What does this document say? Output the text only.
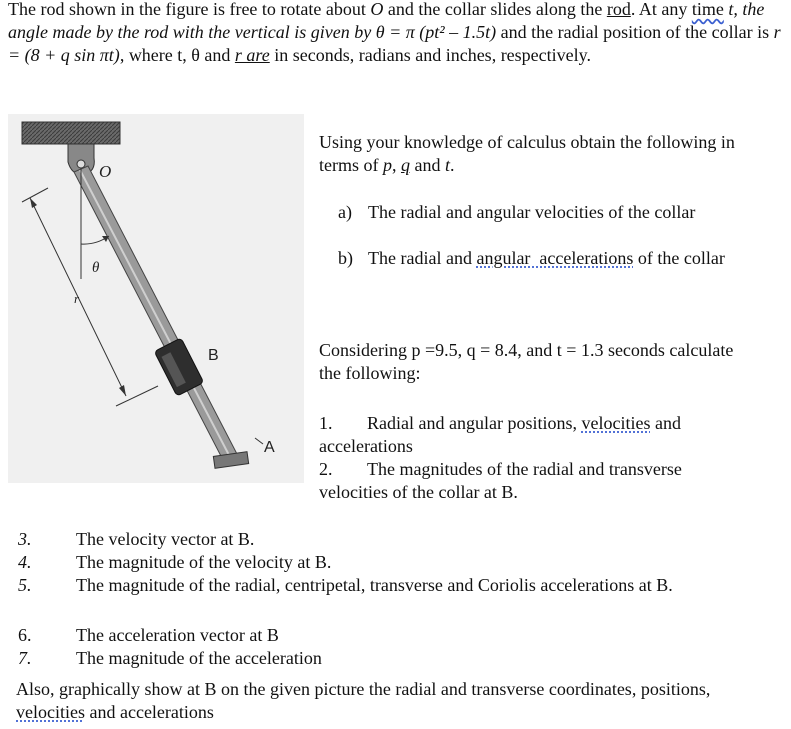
The rod shown in the figure is free to rotate about O and the collar slides along the rod. At any time t, the angle made by the rod with the vertical is given by θ = π (pt² – 1.5t) and the radial position of the collar is r = (8 + q sin πt), where t, θ and r are in seconds, radians and inches, respectively.
O
θ
r
B
A
Using your knowledge of calculus obtain the following in
terms of p, q and t.
a) The radial and angular velocities of the collar
b) The radial and angular  accelerations of the collar
Considering p =9.5, q = 8.4, and t = 1.3 seconds calculate
the following:
1. Radial and angular positions, velocities and
accelerations
2. The magnitudes of the radial and transverse
velocities of the collar at B.
3.	The velocity vector at B.
4.	The magnitude of the velocity at B.
5.	The magnitude of the radial, centripetal, transverse and Coriolis accelerations at B.
6.	The acceleration vector at B
7.	The magnitude of the acceleration
Also, graphically show at B on the given picture the radial and transverse coordinates, positions,
velocities and accelerations
